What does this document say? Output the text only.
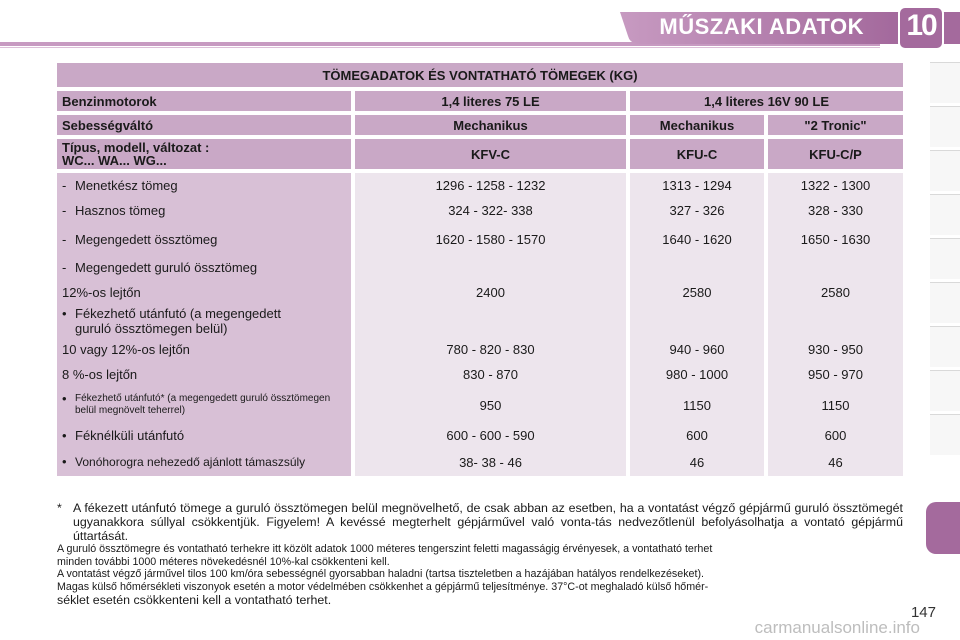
MŰSZAKI ADATOK 10
TÖMEGADATOK ÉS VONTATHATÓ TÖMEGEK (KG)			
Benzinmotorok	1,4 literes 75 LE	1,4 literes 16V 90 LE	
Sebességváltó	Mechanikus	Mechanikus	"2 Tronic"
Típus, modell, változat :
WC... WA... WG...	KFV-C	KFU-C	KFU-C/P

- Menetkész tömeg	1296 - 1258 - 1232	1313 - 1294	1322 - 1300

- Hasznos tömeg	324 - 322- 338	327 - 326	328 - 330

- Megengedett össztömeg	1620 - 1580 - 1570	1640 - 1620	1650 - 1630

- Megengedett guruló össztömeg			

12%-os lejtőn	2400	2580	2580

• Fékezhető utánfutó (a megengedett guruló össztömegen belül)			

10 vagy 12%-os lejtőn	780 - 820 - 830	940 - 960	930 - 950

8 %-os lejtőn	830 - 870	980 - 1000	950 - 970

• Fékezhető utánfutó* (a megengedett guruló össztömegen belül megnövelt teherrel)	950	1150	1150

• Féknélküli utánfutó	600 - 600 - 590	600	600

• Vonóhorogra nehezedő ajánlott támaszsúly	38- 38 - 46	46	46
* A fékezett utánfutó tömege a guruló össztömegen belül megnövelhető, de csak abban az esetben, ha a vontatást végző gépjármű guruló össztömegét ugyanakkora súllyal csökkentjük. Figyelem! A kevéssé megterhelt gépjárművel való vonta-tás nedvezőtlenül befolyásolhatja a vontató gépjármű úttartását.
A guruló össztömegre és vontatható terhekre itt közölt adatok 1000 méteres tengerszint feletti magasságig érvényesek, a vontatható terhet
minden további 1000 méteres növekedésnél 10%-kal csökkenteni kell.
A vontatást végző járművel tilos 100 km/óra sebességnél gyorsabban haladni (tartsa tiszteletben a hazájában hatályos rendelkezéseket).
Magas külső hőmérsékleti viszonyok esetén a motor védelmében csökkenhet a gépjármű teljesítménye. 37°C-ot meghaladó külső hőmér-
séklet esetén csökkenteni kell a vontatható terhet.
147
carmanualsonline.info
